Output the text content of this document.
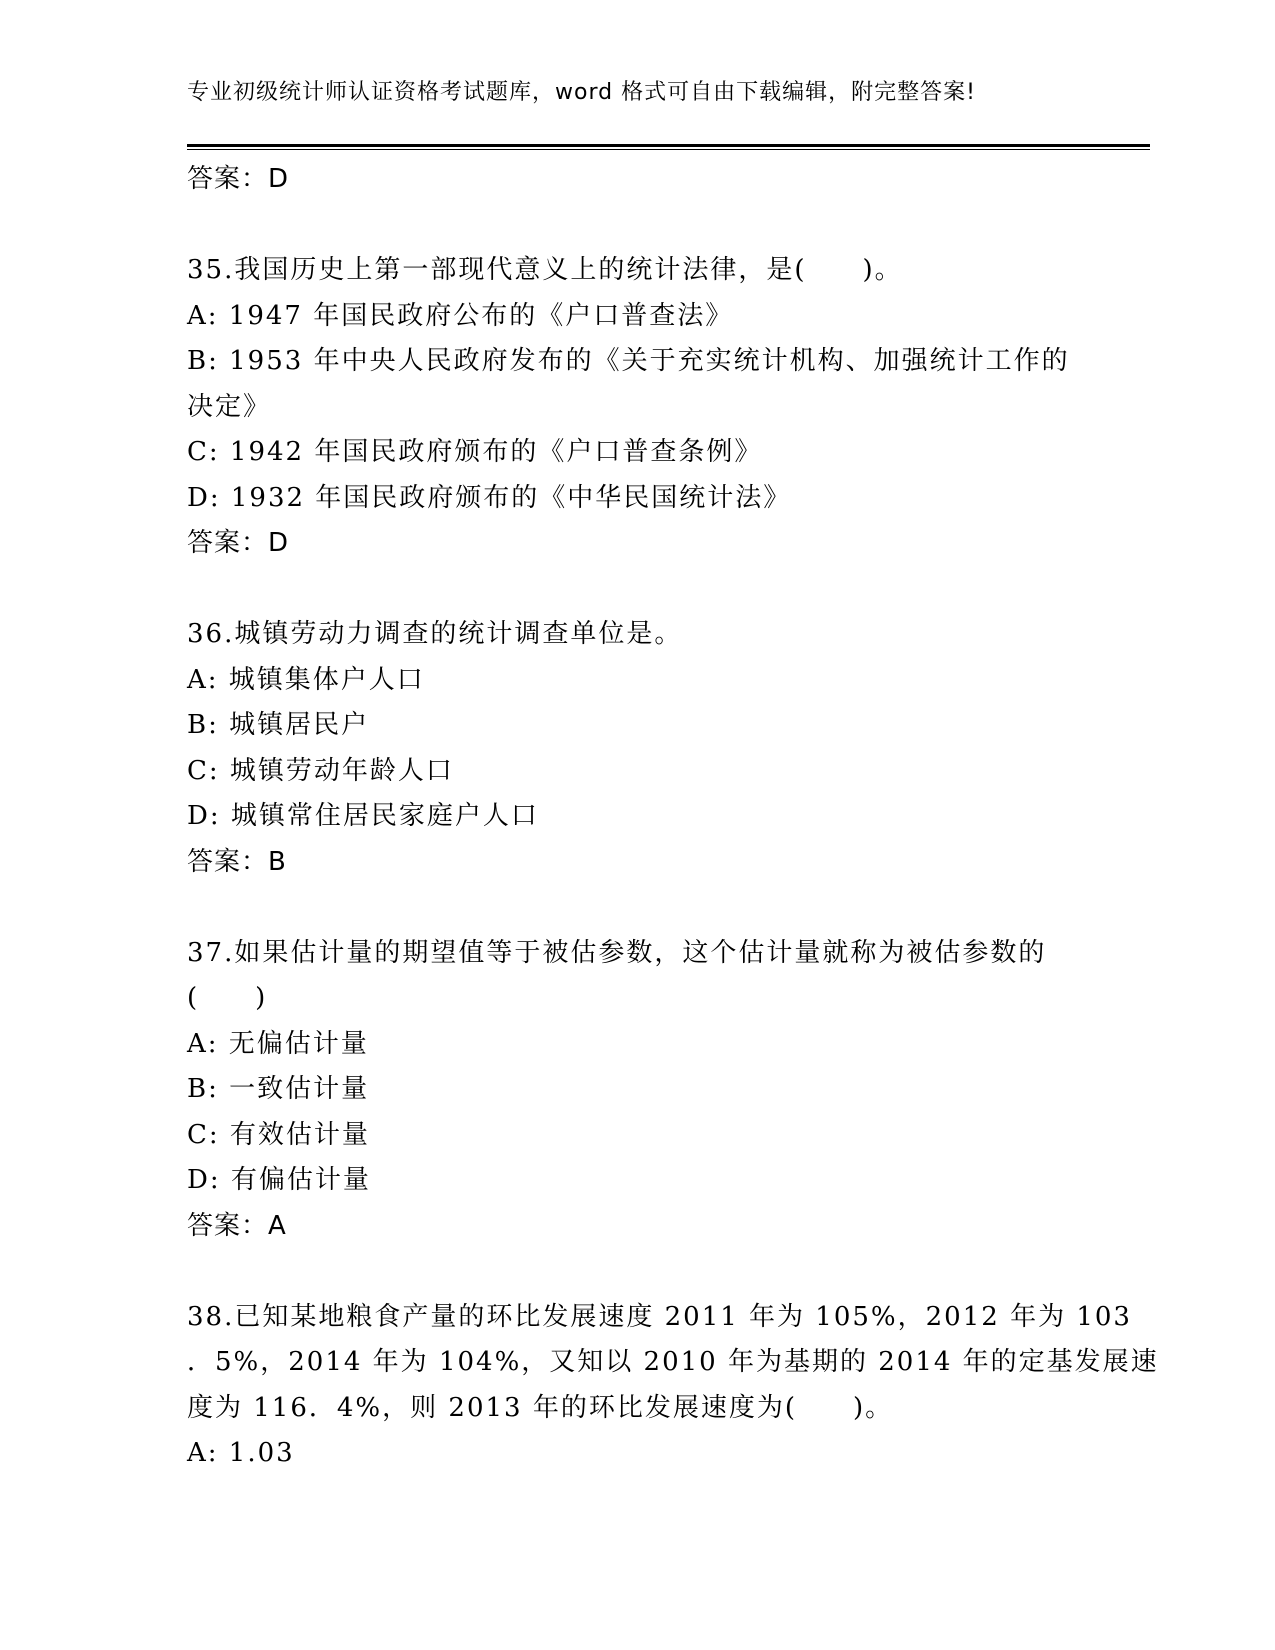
专业初级统计师认证资格考试题库，word 格式可自由下载编辑，附完整答案!
答案：D
35.我国历史上第一部现代意义上的统计法律，是(　　)。
A: 1947 年国民政府公布的《户口普查法》
B: 1953 年中央人民政府发布的《关于充实统计机构、加强统计工作的
决定》
C: 1942 年国民政府颁布的《户口普查条例》
D: 1932 年国民政府颁布的《中华民国统计法》
答案：D
36.城镇劳动力调查的统计调查单位是。
A: 城镇集体户人口
B: 城镇居民户
C: 城镇劳动年龄人口
D: 城镇常住居民家庭户人口
答案：B
37.如果估计量的期望值等于被估参数，这个估计量就称为被估参数的
(　　)
A: 无偏估计量
B: 一致估计量
C: 有效估计量
D: 有偏估计量
答案：A
38.已知某地粮食产量的环比发展速度 2011 年为 105%，2012 年为 103
．5%，2014 年为 104%，又知以 2010 年为基期的 2014 年的定基发展速
度为 116．4%，则 2013 年的环比发展速度为(　　)。
A: 1.03
